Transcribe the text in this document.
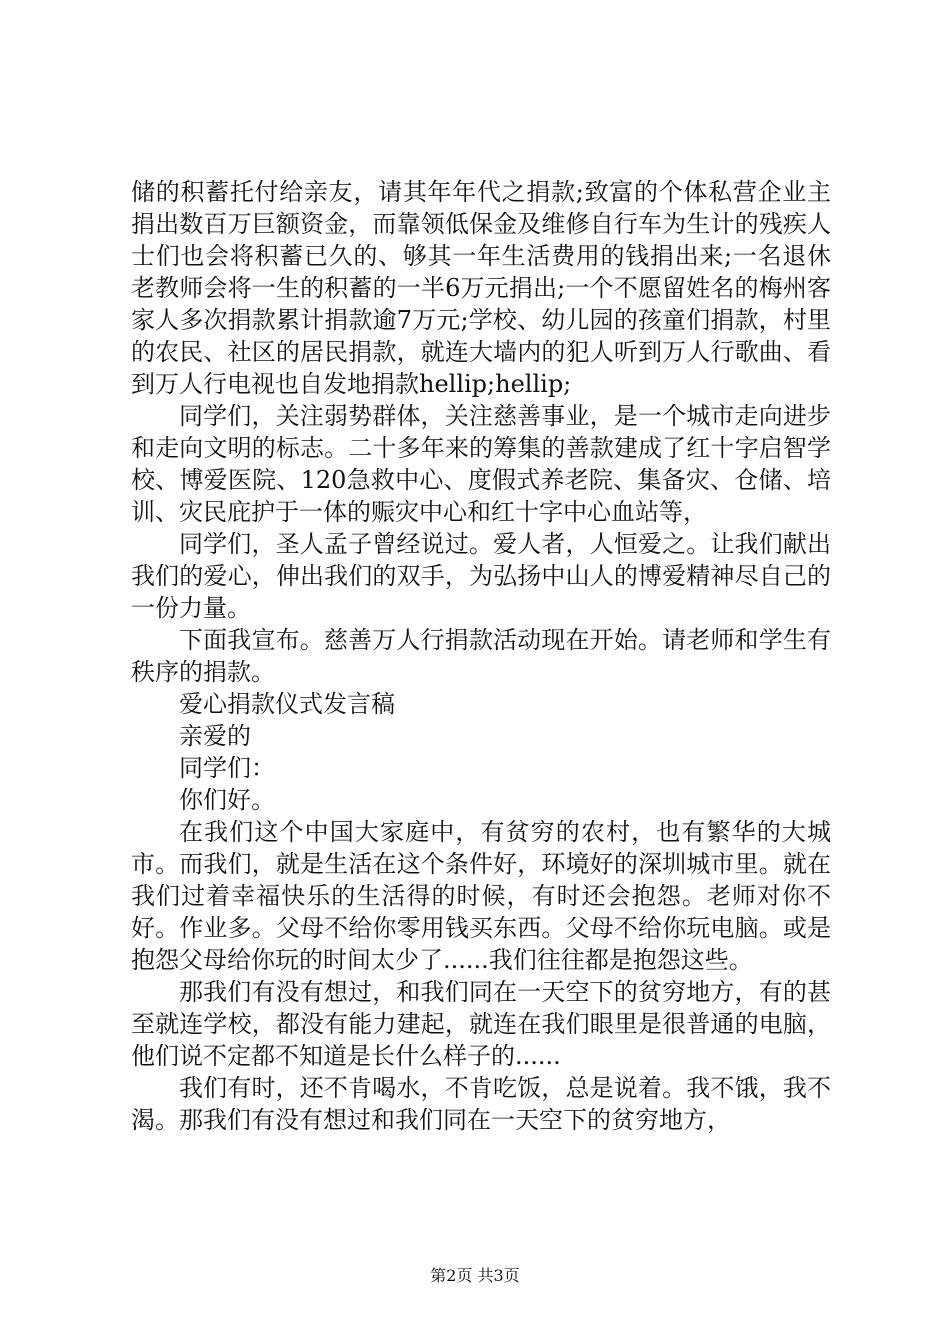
储的积蓄托付给亲友，请其年年代之捐款;致富的个体私营企业主捐出数百万巨额资金，而靠领低保金及维修自行车为生计的残疾人士们也会将积蓄已久的、够其一年生活费用的钱捐出来;一名退休老教师会将一生的积蓄的一半6万元捐出;一个不愿留姓名的梅州客家人多次捐款累计捐款逾7万元;学校、幼儿园的孩童们捐款，村里的农民、社区的居民捐款，就连大墙内的犯人听到万人行歌曲、看到万人行电视也自发地捐款hellip;hellip;

同学们，关注弱势群体，关注慈善事业，是一个城市走向进步和走向文明的标志。二十多年来的筹集的善款建成了红十字启智学校、博爱医院、120急救中心、度假式养老院、集备灾、仓储、培训、灾民庇护于一体的赈灾中心和红十字中心血站等，

同学们，圣人孟子曾经说过。爱人者，人恒爱之。让我们献出我们的爱心，伸出我们的双手，为弘扬中山人的博爱精神尽自己的一份力量。

下面我宣布。慈善万人行捐款活动现在开始。请老师和学生有秩序的捐款。

爱心捐款仪式发言稿

亲爱的

同学们：

你们好。

在我们这个中国大家庭中，有贫穷的农村，也有繁华的大城市。而我们，就是生活在这个条件好，环境好的深圳城市里。就在我们过着幸福快乐的生活得的时候，有时还会抱怨。老师对你不好。作业多。父母不给你零用钱买东西。父母不给你玩电脑。或是抱怨父母给你玩的时间太少了......我们往往都是抱怨这些。

那我们有没有想过，和我们同在一天空下的贫穷地方，有的甚至就连学校，都没有能力建起，就连在我们眼里是很普通的电脑，他们说不定都不知道是长什么样子的......

我们有时，还不肯喝水，不肯吃饭，总是说着。我不饿，我不渴。那我们有没有想过和我们同在一天空下的贫穷地方，

第2页 共3页
